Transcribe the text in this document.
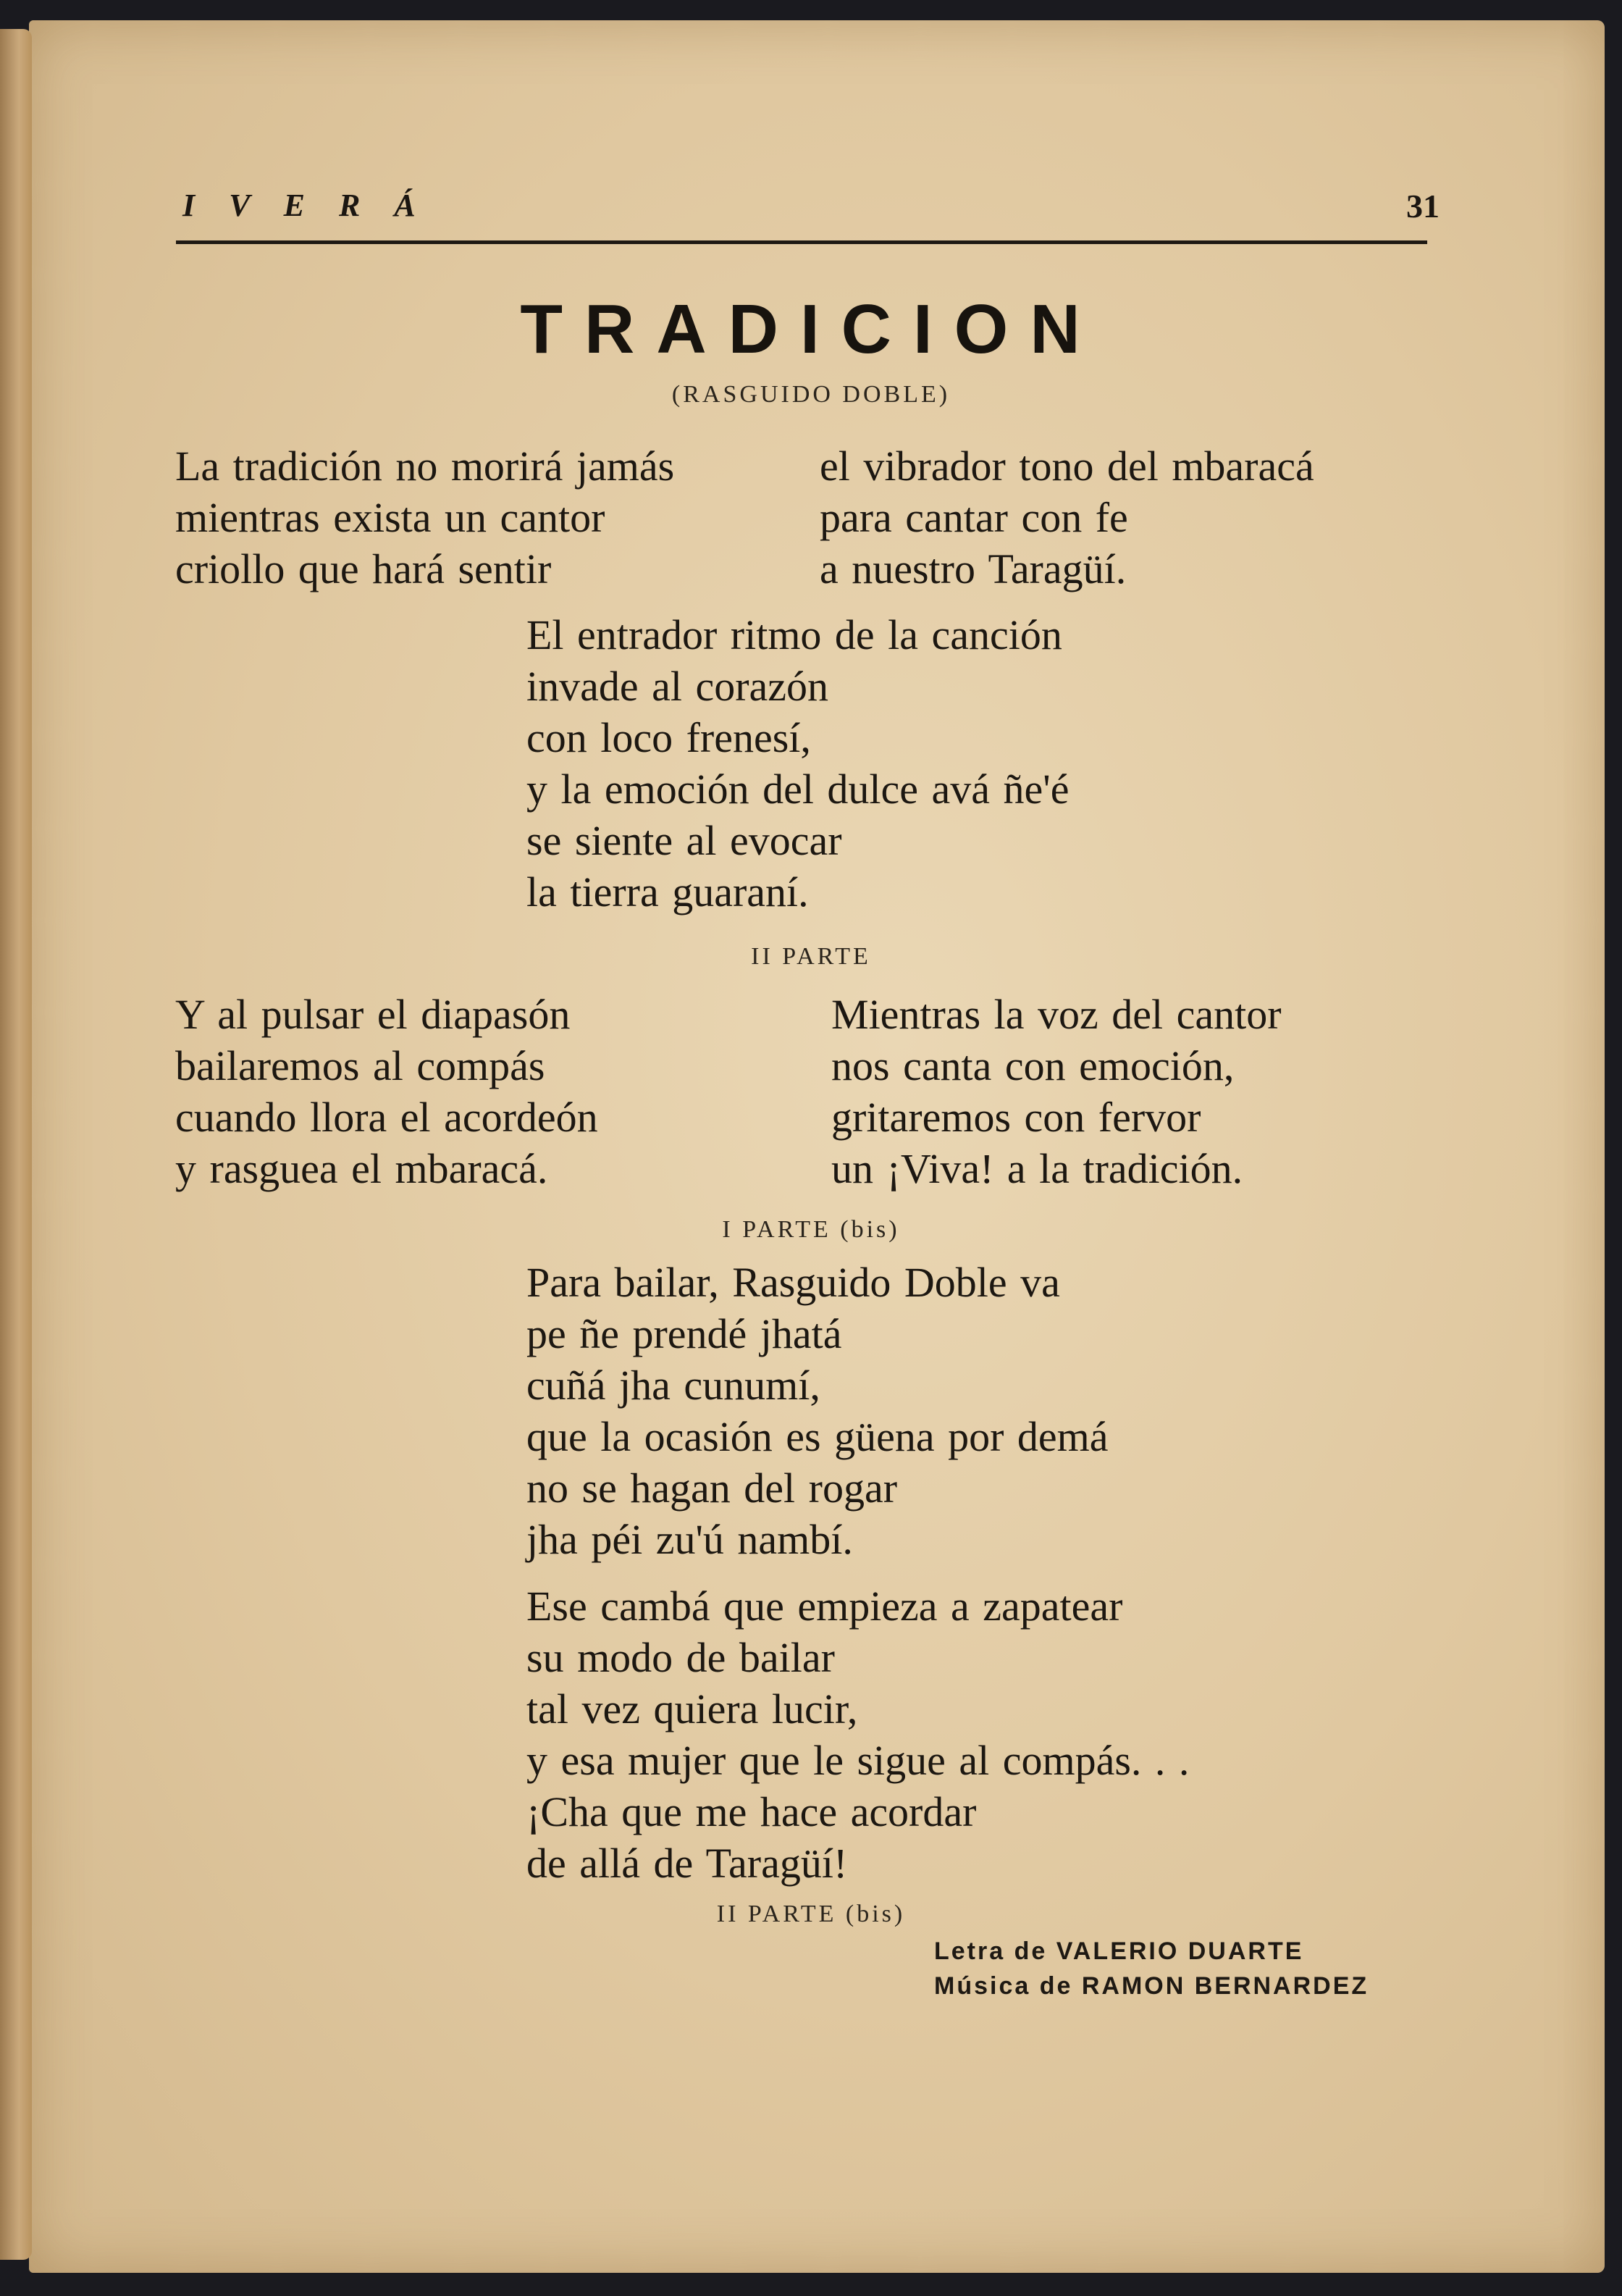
I V E R Á	31
TRADICION
(RASGUIDO DOBLE)
La tradición no morirá jamás
mientras exista un cantor
criollo que hará sentir
el vibrador tono del mbaracá
para cantar con fe
a nuestro Taragüí.
El entrador ritmo de la canción
invade al corazón
con loco frenesí,
y la emoción del dulce avá ñe'é
se siente al evocar
la tierra guaraní.
II PARTE
Y al pulsar el diapasón
bailaremos al compás
cuando llora el acordeón
y rasguea el mbaracá.
Mientras la voz del cantor
nos canta con emoción,
gritaremos con fervor
un ¡Viva! a la tradición.
I PARTE (bis)
Para bailar, Rasguido Doble va
pe ñe prendé jhatá
cuñá jha cunumí,
que la ocasión es güena por demá
no se hagan del rogar
jha péi zu'ú nambí.
Ese cambá que empieza a zapatear
su modo de bailar
tal vez quiera lucir,
y esa mujer que le sigue al compás. . .
¡Cha que me hace acordar
de allá de Taragüí!
II PARTE (bis)
Letra de VALERIO DUARTE
Música de RAMON BERNARDEZ
